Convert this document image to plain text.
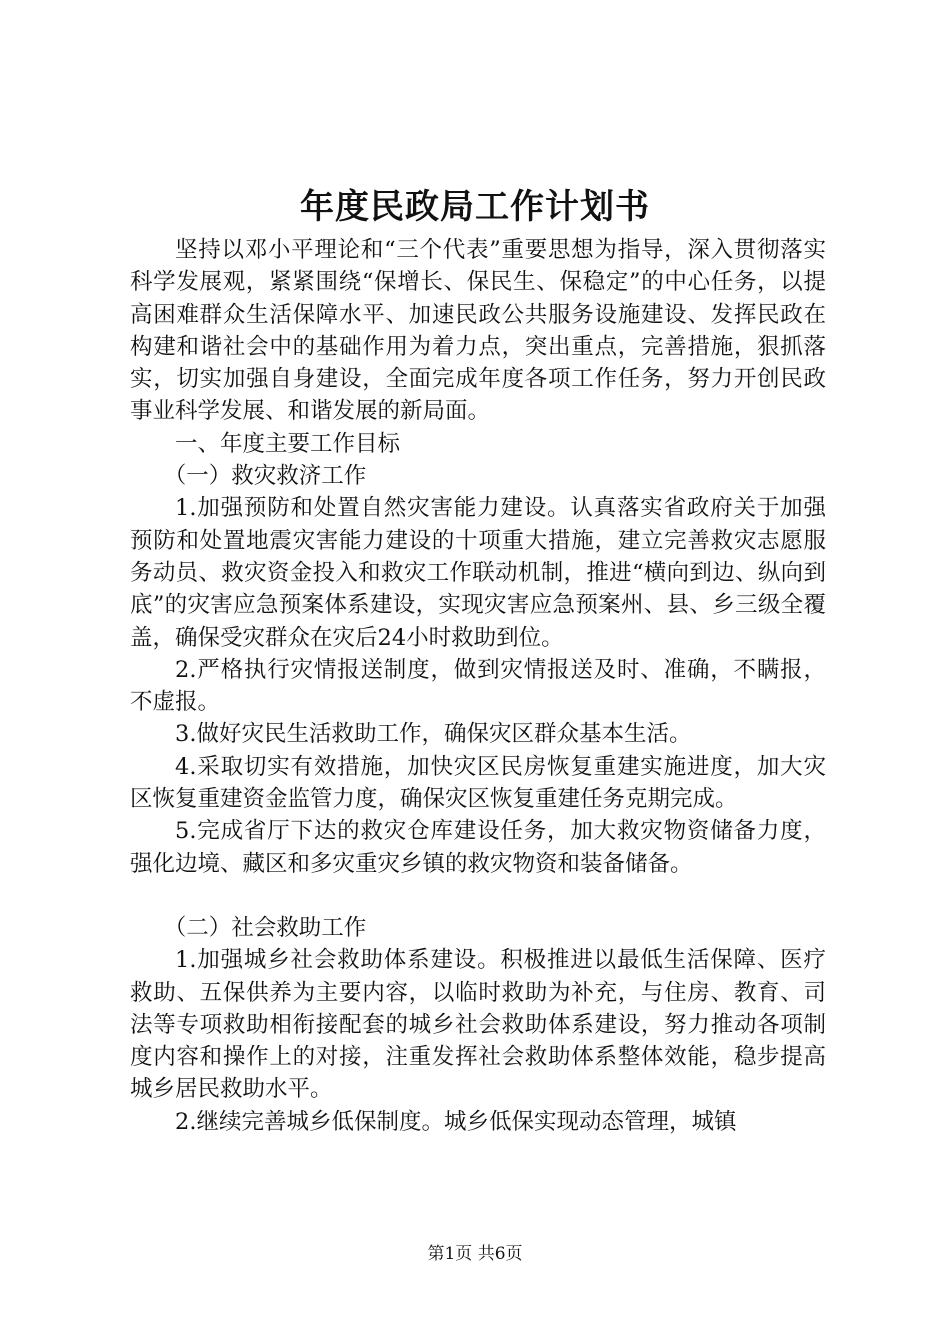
年度民政局工作计划书

坚持以邓小平理论和“三个代表”重要思想为指导，深入贯彻落实科学发展观，紧紧围绕“保增长、保民生、保稳定”的中心任务，以提高困难群众生活保障水平、加速民政公共服务设施建设、发挥民政在构建和谐社会中的基础作用为着力点，突出重点，完善措施，狠抓落实，切实加强自身建设，全面完成年度各项工作任务，努力开创民政事业科学发展、和谐发展的新局面。

一、年度主要工作目标

（一）救灾救济工作

1.加强预防和处置自然灾害能力建设。认真落实省政府关于加强预防和处置地震灾害能力建设的十项重大措施，建立完善救灾志愿服务动员、救灾资金投入和救灾工作联动机制，推进“横向到边、纵向到底”的灾害应急预案体系建设，实现灾害应急预案州、县、乡三级全覆盖，确保受灾群众在灾后24小时救助到位。

2.严格执行灾情报送制度，做到灾情报送及时、准确，不瞒报，不虚报。

3.做好灾民生活救助工作，确保灾区群众基本生活。

4.采取切实有效措施，加快灾区民房恢复重建实施进度，加大灾区恢复重建资金监管力度，确保灾区恢复重建任务克期完成。

5.完成省厅下达的救灾仓库建设任务，加大救灾物资储备力度，强化边境、藏区和多灾重灾乡镇的救灾物资和装备储备。

（二）社会救助工作

1.加强城乡社会救助体系建设。积极推进以最低生活保障、医疗救助、五保供养为主要内容，以临时救助为补充，与住房、教育、司法等专项救助相衔接配套的城乡社会救助体系建设，努力推动各项制度内容和操作上的对接，注重发挥社会救助体系整体效能，稳步提高城乡居民救助水平。

2.继续完善城乡低保制度。城乡低保实现动态管理，城镇

第1页 共6页
